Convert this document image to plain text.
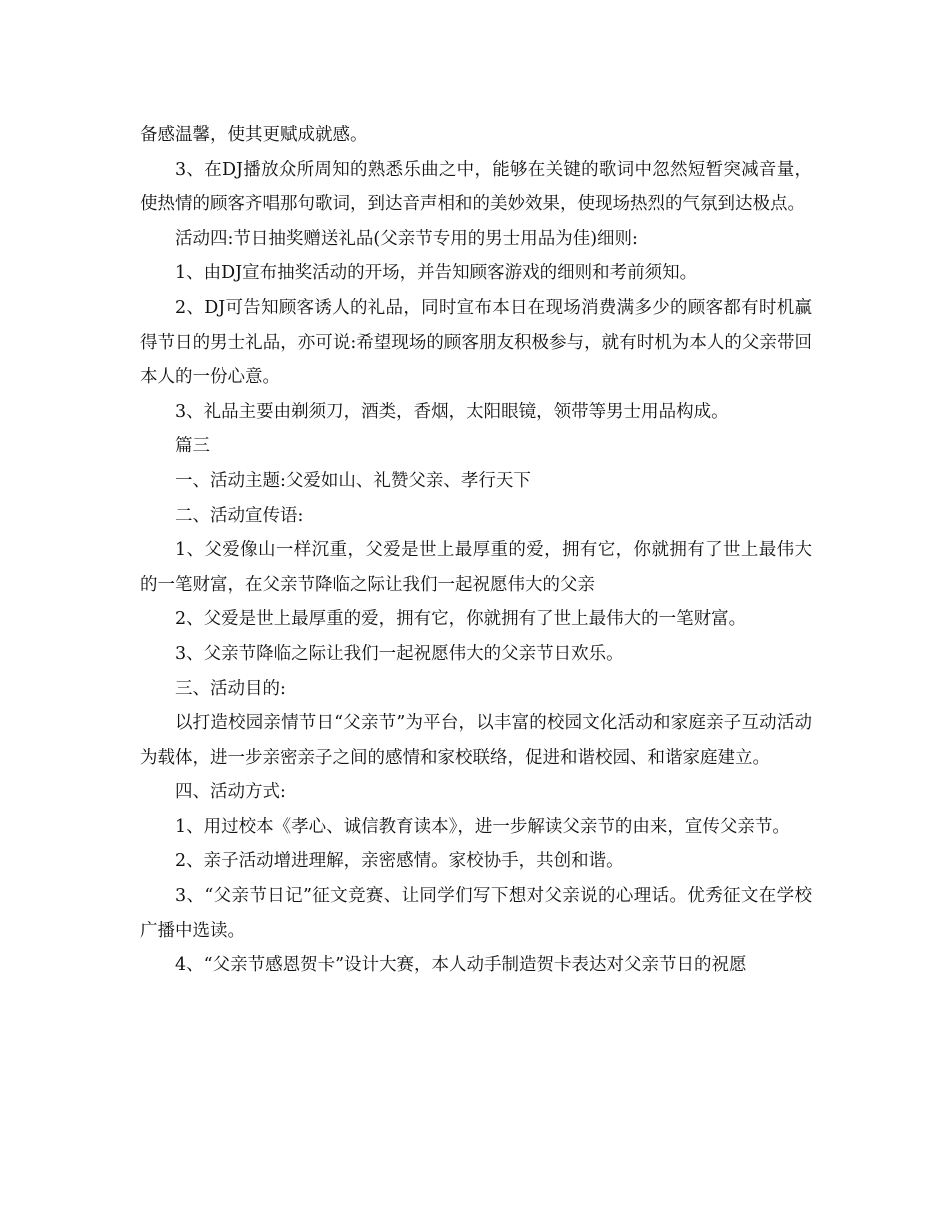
备感温馨，使其更赋成就感。

3、在DJ播放众所周知的熟悉乐曲之中，能够在关键的歌词中忽然短暂突减音量，使热情的顾客齐唱那句歌词，到达音声相和的美妙效果，使现场热烈的气氛到达极点。

活动四:节日抽奖赠送礼品(父亲节专用的男士用品为佳)细则:

1、由DJ宣布抽奖活动的开场，并告知顾客游戏的细则和考前须知。

2、DJ可告知顾客诱人的礼品，同时宣布本日在现场消费满多少的顾客都有时机赢得节日的男士礼品，亦可说:希望现场的顾客朋友积极参与，就有时机为本人的父亲带回本人的一份心意。

3、礼品主要由剃须刀，酒类，香烟，太阳眼镜，领带等男士用品构成。

篇三

一、活动主题:父爱如山、礼赞父亲、孝行天下

二、活动宣传语:

1、父爱像山一样沉重，父爱是世上最厚重的爱，拥有它，你就拥有了世上最伟大的一笔财富，在父亲节降临之际让我们一起祝愿伟大的父亲

2、父爱是世上最厚重的爱，拥有它，你就拥有了世上最伟大的一笔财富。

3、父亲节降临之际让我们一起祝愿伟大的父亲节日欢乐。

三、活动目的:

以打造校园亲情节日“父亲节”为平台，以丰富的校园文化活动和家庭亲子互动活动为载体，进一步亲密亲子之间的感情和家校联络，促进和谐校园、和谐家庭建立。

四、活动方式:

1、用过校本《孝心、诚信教育读本》，进一步解读父亲节的由来，宣传父亲节。

2、亲子活动增进理解，亲密感情。家校协手，共创和谐。

3、“父亲节日记”征文竞赛、让同学们写下想对父亲说的心理话。优秀征文在学校广播中选读。

4、“父亲节感恩贺卡”设计大赛，本人动手制造贺卡表达对父亲节日的祝愿
